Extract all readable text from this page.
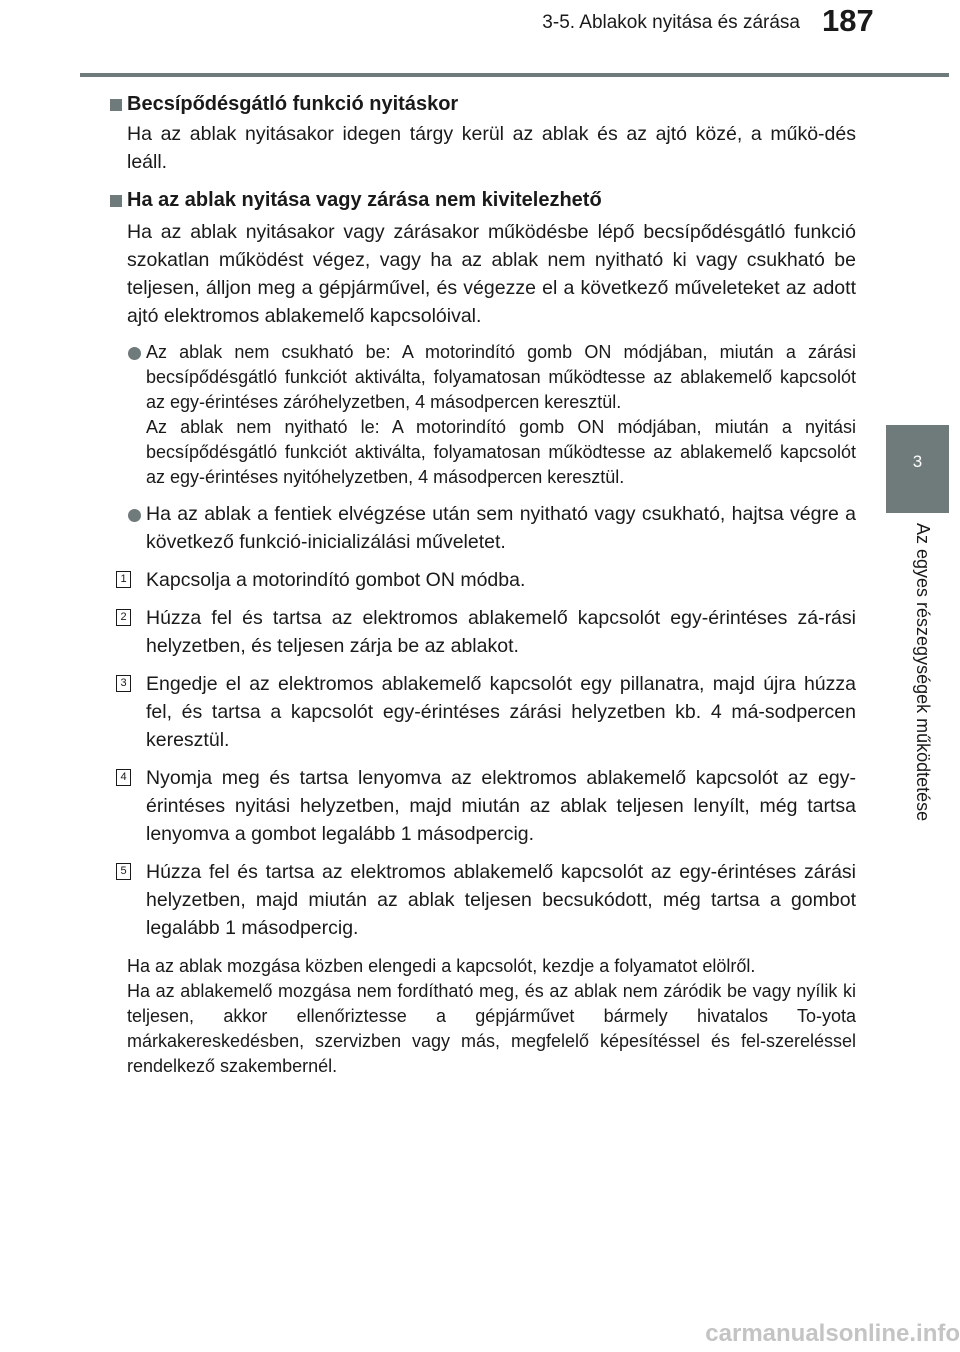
3-5. Ablakok nyitása és zárása 187
3
Az egyes részegységek működtetése
Becsípődésgátló funkció nyitáskor
Ha az ablak nyitásakor idegen tárgy kerül az ablak és az ajtó közé, a műkö-dés leáll.
Ha az ablak nyitása vagy zárása nem kivitelezhető
Ha az ablak nyitásakor vagy zárásakor működésbe lépő becsípődésgátló funkció szokatlan működést végez, vagy ha az ablak nem nyitható ki vagy csukható be teljesen, álljon meg a gépjárművel, és végezze el a következő műveleteket az adott ajtó elektromos ablakemelő kapcsolóival.
Az ablak nem csukható be: A motorindító gomb ON módjában, miután a zárási becsípődésgátló funkciót aktiválta, folyamatosan működtesse az ablakemelő kapcsolót az egy-érintéses záróhelyzetben, 4 másodpercen keresztül.
Az ablak nem nyitható le: A motorindító gomb ON módjában, miután a nyitási becsípődésgátló funkciót aktiválta, folyamatosan működtesse az ablakemelő kapcsolót az egy-érintéses nyitóhelyzetben, 4 másodpercen keresztül.
Ha az ablak a fentiek elvégzése után sem nyitható vagy csukható, hajtsa végre a következő funkció-inicializálási műveletet.
1 Kapcsolja a motorindító gombot ON módba.
2 Húzza fel és tartsa az elektromos ablakemelő kapcsolót egy-érintéses zá-rási helyzetben, és teljesen zárja be az ablakot.
3 Engedje el az elektromos ablakemelő kapcsolót egy pillanatra, majd újra húzza fel, és tartsa a kapcsolót egy-érintéses zárási helyzetben kb. 4 má-sodpercen keresztül.
4 Nyomja meg és tartsa lenyomva az elektromos ablakemelő kapcsolót az egy-érintéses nyitási helyzetben, majd miután az ablak teljesen lenyílt, még tartsa lenyomva a gombot legalább 1 másodpercig.
5 Húzza fel és tartsa az elektromos ablakemelő kapcsolót az egy-érintéses zárási helyzetben, majd miután az ablak teljesen becsukódott, még tartsa a gombot legalább 1 másodpercig.
Ha az ablak mozgása közben elengedi a kapcsolót, kezdje a folyamatot elölről.
Ha az ablakemelő mozgása nem fordítható meg, és az ablak nem záródik be vagy nyílik ki teljesen, akkor ellenőriztesse a gépjárművet bármely hivatalos To-yota márkakereskedésben, szervizben vagy más, megfelelő képesítéssel és fel-szereléssel rendelkező szakembernél.
carmanualsonline.info
